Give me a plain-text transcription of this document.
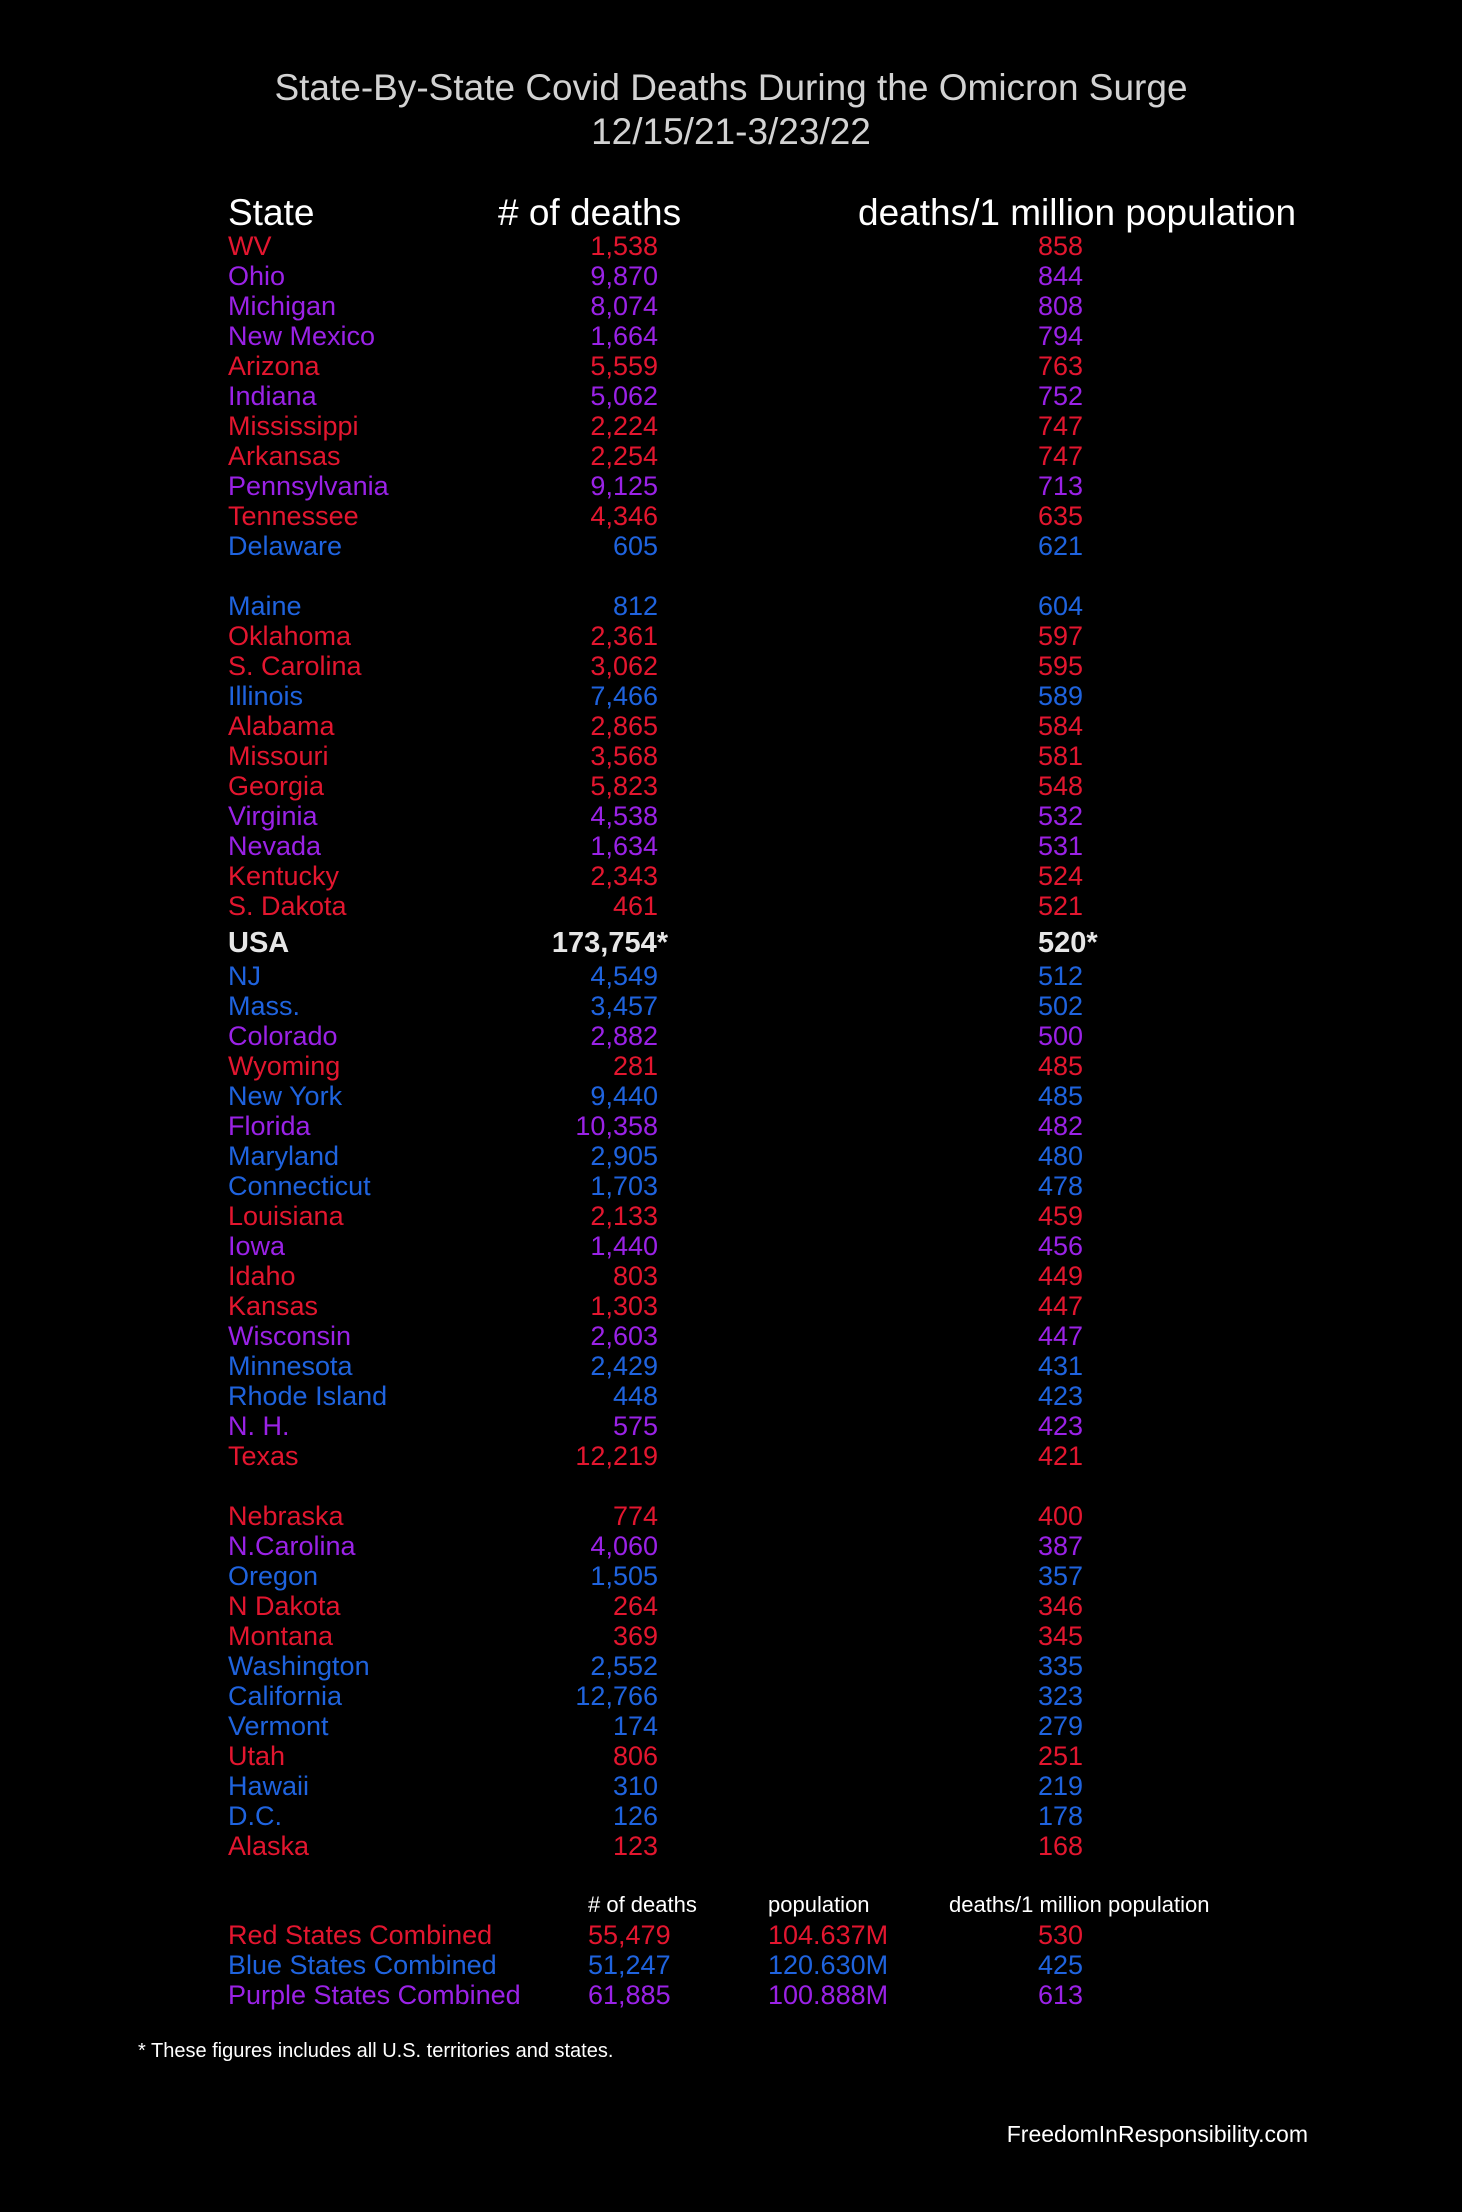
State-By-State Covid Deaths During the Omicron Surge
12/15/21-3/23/22
State	# of deaths	deaths/1 million population
WV	1,538	858
Ohio	9,870	844
Michigan	8,074	808
New Mexico	1,664	794
Arizona	5,559	763
Indiana	5,062	752
Mississippi	2,224	747
Arkansas	2,254	747
Pennsylvania	9,125	713
Tennessee	4,346	635
Delaware	605	621
Maine	812	604
Oklahoma	2,361	597
S. Carolina	3,062	595
Illinois	7,466	589
Alabama	2,865	584
Missouri	3,568	581
Georgia	5,823	548
Virginia	4,538	532
Nevada	1,634	531
Kentucky	2,343	524
S. Dakota	461	521
USA	173,754*	520*
NJ	4,549	512
Mass.	3,457	502
Colorado	2,882	500
Wyoming	281	485
New York	9,440	485
Florida	10,358	482
Maryland	2,905	480
Connecticut	1,703	478
Louisiana	2,133	459
Iowa	1,440	456
Idaho	803	449
Kansas	1,303	447
Wisconsin	2,603	447
Minnesota	2,429	431
Rhode Island	448	423
N. H.	575	423
Texas	12,219	421
Nebraska	774	400
N.Carolina	4,060	387
Oregon	1,505	357
N Dakota	264	346
Montana	369	345
Washington	2,552	335
California	12,766	323
Vermont	174	279
Utah	806	251
Hawaii	310	219
D.C.	126	178
Alaska	123	168
# of deaths	population	deaths/1 million population
Red States Combined	55,479	104.637M	530
Blue States Combined	51,247	120.630M	425
Purple States Combined 61,885	100.888M	613
* These figures includes all U.S. territories and states.
FreedomInResponsibility.com
